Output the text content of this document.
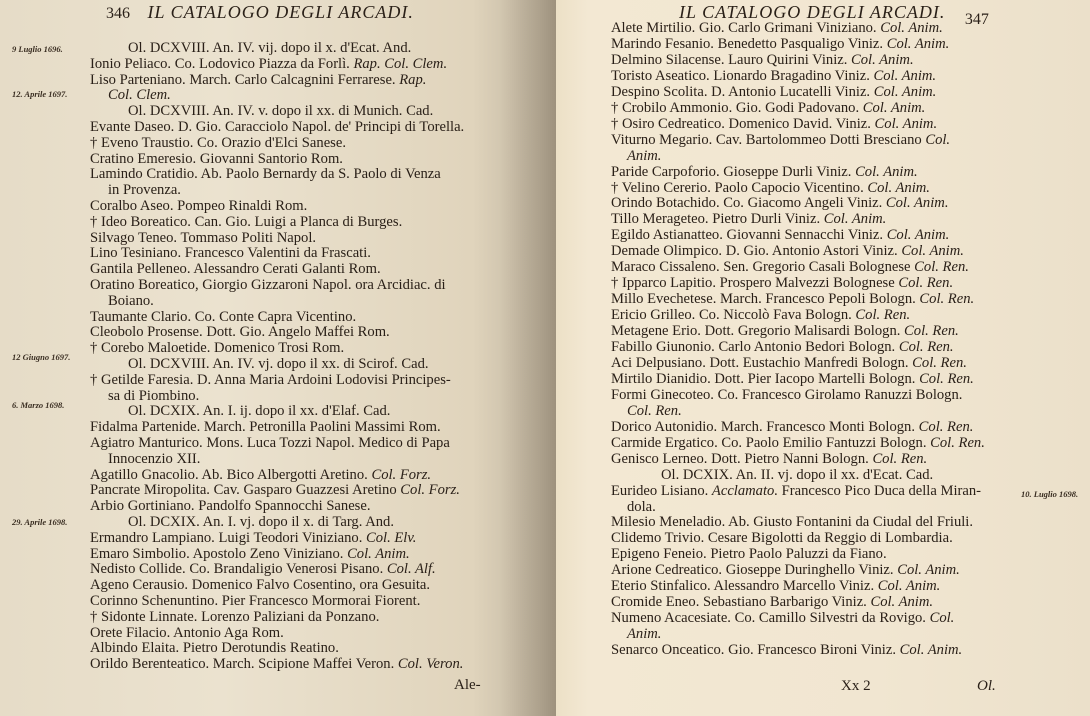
346 IL CATALOGO DEGLI ARCADI.
Ol. DCXVIII. An. IV. vij. dopo il x. d'Ecat. And.
Ionio Peliaco. Co. Lodovico Piazza da Forlì. Rap. Col. Clem.
Liso Parteniano. March. Carlo Calcagnini Ferrarese. Rap.
Col. Clem.
Ol. DCXVIII. An. IV. v. dopo il xx. di Munich. Cad.
Evante Daseo. D. Gio. Caracciolo Napol. de' Principi di Torella.
† Eveno Traustio. Co. Orazio d'Elci Sanese.
Cratino Emeresio. Giovanni Santorio Rom.
Lamindo Cratidio. Ab. Paolo Bernardy da S. Paolo di Venza
in Provenza.
Coralbo Aseo. Pompeo Rinaldi Rom.
† Ideo Boreatico. Can. Gio. Luigi a Planca di Burges.
Silvago Teneo. Tommaso Politi Napol.
Lino Tesiniano. Francesco Valentini da Frascati.
Gantila Pelleneo. Alessandro Cerati Galanti Rom.
Oratino Boreatico, Giorgio Gizzaroni Napol. ora Arcidiac. di
Boiano.
Taumante Clario. Co. Conte Capra Vicentino.
Cleobolo Prosense. Dott. Gio. Angelo Maffei Rom.
† Corebo Maloetide. Domenico Trosi Rom.
Ol. DCXVIII. An. IV. vj. dopo il xx. di Scirof. Cad.
† Getilde Faresia. D. Anna Maria Ardoini Lodovisi Principes-
sa di Piombino.
Ol. DCXIX. An. I. ij. dopo il xx. d'Elaf. Cad.
Fidalma Partenide. March. Petronilla Paolini Massimi Rom.
Agiatro Manturico. Mons. Luca Tozzi Napol. Medico di Papa
Innocenzio XII.
Agatillo Gnacolio. Ab. Bico Albergotti Aretino. Col. Forz.
Pancrate Miropolita. Cav. Gasparo Guazzesi Aretino Col. Forz.
Arbio Gortiniano. Pandolfo Spannocchi Sanese.
Ol. DCXIX. An. I. vj. dopo il x. di Targ. And.
Ermandro Lampiano. Luigi Teodori Viniziano. Col. Elv.
Emaro Simbolio. Apostolo Zeno Viniziano. Col. Anim.
Nedisto Collide. Co. Brandaligio Venerosi Pisano. Col. Alf.
Ageno Cerausio. Domenico Falvo Cosentino, ora Gesuita.
Corinno Schenuntino. Pier Francesco Mormorai Fiorent.
† Sidonte Linnate. Lorenzo Paliziani da Ponzano.
Orete Filacio. Antonio Aga Rom.
Albindo Elaita. Pietro Derotundis Reatino.
Orildo Berenteatico. March. Scipione Maffei Veron. Col. Veron.
9 Luglio 1696.
12. Aprile 1697.
12 Giugno 1697.
6. Marzo 1698.
29. Aprile 1698.
Ale-
IL CATALOGO DEGLI ARCADI. 347
Alete Mirtilio. Gio. Carlo Grimani Viniziano. Col. Anim.
Marindo Fesanio. Benedetto Pasqualigo Viniz. Col. Anim.
Delmino Silacense. Lauro Quirini Viniz. Col. Anim.
Toristo Aseatico. Lionardo Bragadino Viniz. Col. Anim.
Despino Scolita. D. Antonio Lucatelli Viniz. Col. Anim.
† Crobilo Ammonio. Gio. Godi Padovano. Col. Anim.
† Osiro Cedreatico. Domenico David. Viniz. Col. Anim.
Viturno Megario. Cav. Bartolommeo Dotti Bresciano Col.
Anim.
Paride Carpoforio. Gioseppe Durli Viniz. Col. Anim.
† Velino Cererio. Paolo Capocio Vicentino. Col. Anim.
Orindo Botachido. Co. Giacomo Angeli Viniz. Col. Anim.
Tillo Merageteo. Pietro Durli Viniz. Col. Anim.
Egildo Astianatteo. Giovanni Sennacchi Viniz. Col. Anim.
Demade Olimpico. D. Gio. Antonio Astori Viniz. Col. Anim.
Maraco Cissaleno. Sen. Gregorio Casali Bolognese Col. Ren.
† Ipparco Lapitio. Prospero Malvezzi Bolognese Col. Ren.
Millo Evechetese. March. Francesco Pepoli Bologn. Col. Ren.
Ericio Grilleo. Co. Niccolò Fava Bologn. Col. Ren.
Metagene Erio. Dott. Gregorio Malisardi Bologn. Col. Ren.
Fabillo Giunonio. Carlo Antonio Bedori Bologn. Col. Ren.
Aci Delpusiano. Dott. Eustachio Manfredi Bologn. Col. Ren.
Mirtilo Dianidio. Dott. Pier Iacopo Martelli Bologn. Col. Ren.
Formi Ginecoteo. Co. Francesco Girolamo Ranuzzi Bologn.
Col. Ren.
Dorico Autonidio. March. Francesco Monti Bologn. Col. Ren.
Carmide Ergatico. Co. Paolo Emilio Fantuzzi Bologn. Col. Ren.
Genisco Lerneo. Dott. Pietro Nanni Bologn. Col. Ren.
Ol. DCXIX. An. II. vj. dopo il xx. d'Ecat. Cad.
Eurideo Lisiano. Acclamato. Francesco Pico Duca della Miran-
dola.
Milesio Meneladio. Ab. Giusto Fontanini da Ciudal del Friuli.
Clidemo Trivio. Cesare Bigolotti da Reggio di Lombardia.
Epigeno Feneio. Pietro Paolo Paluzzi da Fiano.
Arione Cedreatico. Gioseppe Duringhello Viniz. Col. Anim.
Eterio Stinfalico. Alessandro Marcello Viniz. Col. Anim.
Cromide Eneo. Sebastiano Barbarigo Viniz. Col. Anim.
Numeno Acacesiate. Co. Camillo Silvestri da Rovigo. Col.
Anim.
Senarco Onceatico. Gio. Francesco Bironi Viniz. Col. Anim.
10. Luglio 1698.
Xx 2	Ol.
